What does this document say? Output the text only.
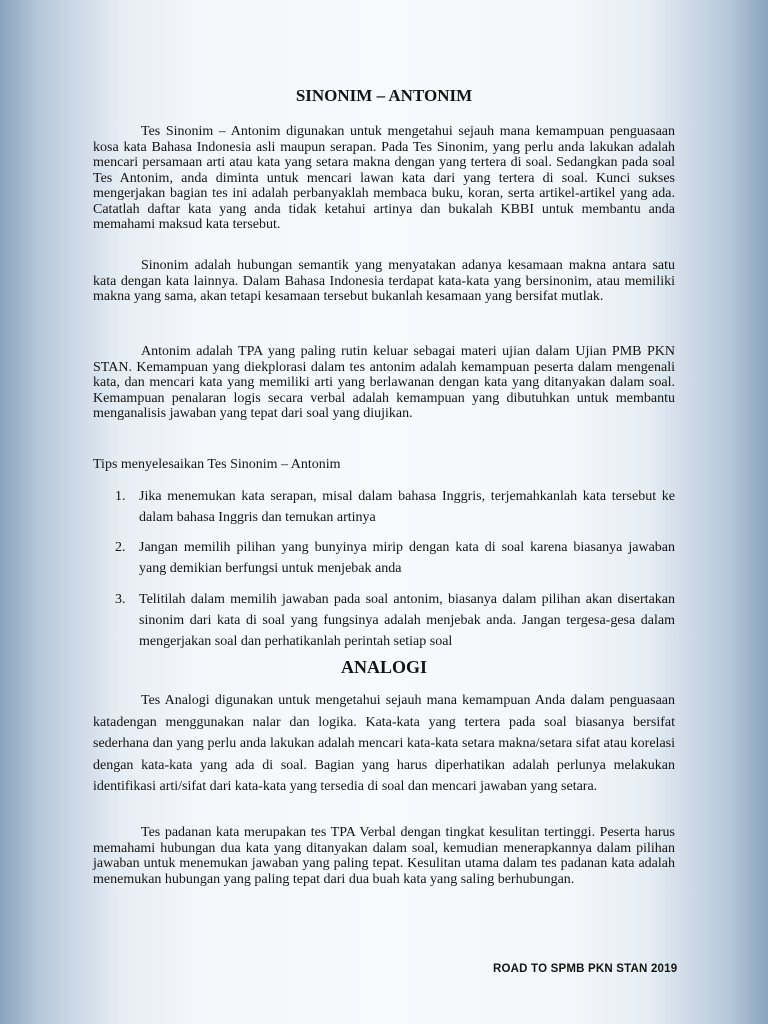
SINONIM – ANTONIM

Tes Sinonim – Antonim digunakan untuk mengetahui sejauh mana kemampuan penguasaan kosa kata Bahasa Indonesia asli maupun serapan. Pada Tes Sinonim, yang perlu anda lakukan adalah mencari persamaan arti atau kata yang setara makna dengan yang tertera di soal. Sedangkan pada soal Tes Antonim, anda diminta untuk mencari lawan kata dari yang tertera di soal. Kunci sukses mengerjakan bagian tes ini adalah perbanyaklah membaca buku, koran, serta artikel-artikel yang ada. Catatlah daftar kata yang anda tidak ketahui artinya dan bukalah KBBI untuk membantu anda memahami maksud kata tersebut.

Sinonim adalah hubungan semantik yang menyatakan adanya kesamaan makna antara satu kata dengan kata lainnya. Dalam Bahasa Indonesia terdapat kata-kata yang bersinonim, atau memiliki makna yang sama, akan tetapi kesamaan tersebut bukanlah kesamaan yang bersifat mutlak.

Antonim adalah TPA yang paling rutin keluar sebagai materi ujian dalam Ujian PMB PKN STAN. Kemampuan yang diekplorasi dalam tes antonim adalah kemampuan peserta dalam mengenali kata, dan mencari kata yang memiliki arti yang berlawanan dengan kata yang ditanyakan dalam soal. Kemampuan penalaran logis secara verbal adalah kemampuan yang dibutuhkan untuk membantu menganalisis jawaban yang tepat dari soal yang diujikan.

Tips menyelesaikan Tes Sinonim – Antonim

1. Jika menemukan kata serapan, misal dalam bahasa Inggris, terjemahkanlah kata tersebut ke dalam bahasa Inggris dan temukan artinya
2. Jangan memilih pilihan yang bunyinya mirip dengan kata di soal karena biasanya jawaban yang demikian berfungsi untuk menjebak anda
3. Telitilah dalam memilih jawaban pada soal antonim, biasanya dalam pilihan akan disertakan sinonim dari kata di soal yang fungsinya adalah menjebak anda. Jangan tergesa-gesa dalam mengerjakan soal dan perhatikanlah perintah setiap soal
ANALOGI

Tes Analogi digunakan untuk mengetahui sejauh mana kemampuan Anda dalam penguasaan katadengan menggunakan nalar dan logika. Kata-kata yang tertera pada soal biasanya bersifat sederhana dan yang perlu anda lakukan adalah mencari kata-kata setara makna/setara sifat atau korelasi dengan kata-kata yang ada di soal. Bagian yang harus diperhatikan adalah perlunya melakukan identifikasi arti/sifat dari kata-kata yang tersedia di soal dan mencari jawaban yang setara.

Tes padanan kata merupakan tes TPA Verbal dengan tingkat kesulitan tertinggi. Peserta harus memahami hubungan dua kata yang ditanyakan dalam soal, kemudian menerapkannya dalam pilihan jawaban untuk menemukan jawaban yang paling tepat. Kesulitan utama dalam tes padanan kata adalah menemukan hubungan yang paling tepat dari dua buah kata yang saling berhubungan.

ROAD TO SPMB PKN STAN 2019
